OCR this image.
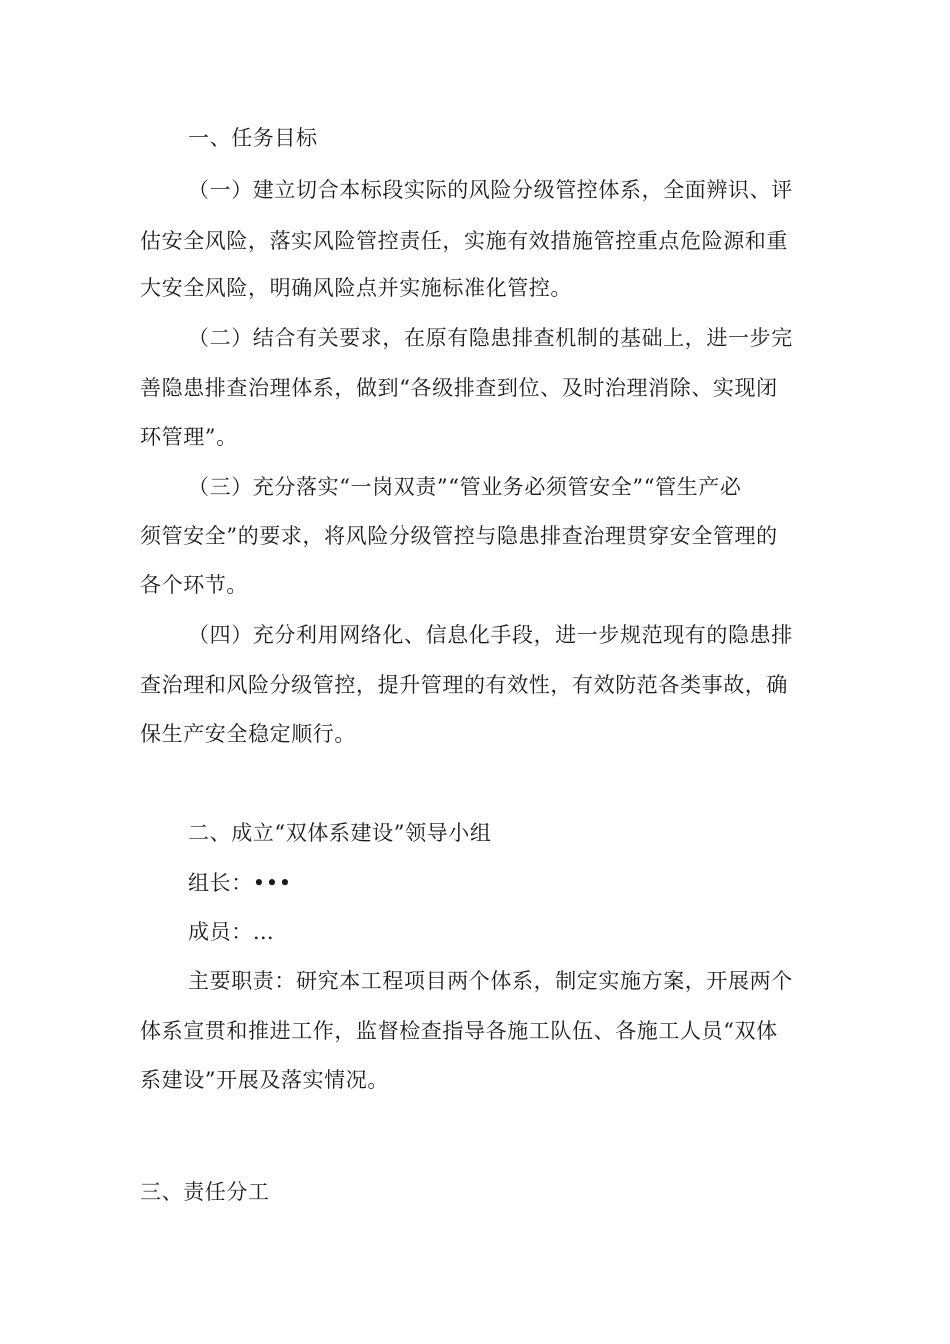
一、任务目标
（一）建立切合本标段实际的风险分级管控体系，全面辨识、评
估安全风险，落实风险管控责任，实施有效措施管控重点危险源和重
大安全风险，明确风险点并实施标准化管控。
（二）结合有关要求，在原有隐患排查机制的基础上，进一步完
善隐患排查治理体系，做到“各级排查到位、及时治理消除、实现闭
环管理”。
（三）充分落实“一岗双责”“管业务必须管安全”“管生产必
须管安全”的要求，将风险分级管控与隐患排查治理贯穿安全管理的
各个环节。
（四）充分利用网络化、信息化手段，进一步规范现有的隐患排
查治理和风险分级管控，提升管理的有效性，有效防范各类事故，确
保生产安全稳定顺行。
二、成立“双体系建设”领导小组
组长：•••
成员：…
主要职责：研究本工程项目两个体系，制定实施方案，开展两个
体系宣贯和推进工作，监督检查指导各施工队伍、各施工人员“双体
系建设”开展及落实情况。
三、责任分工
